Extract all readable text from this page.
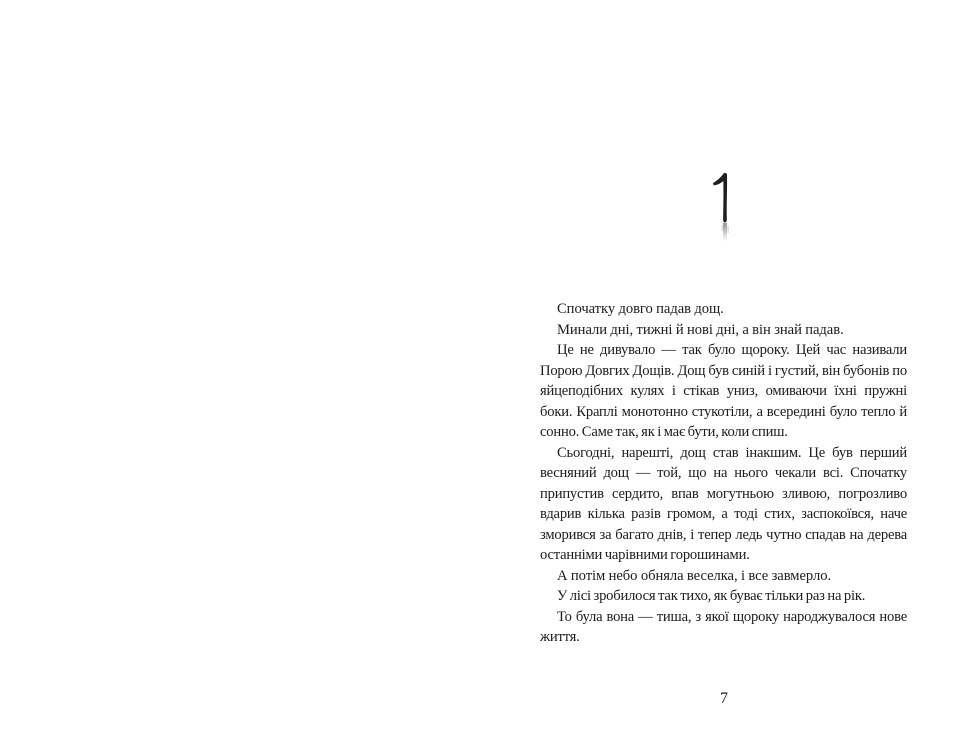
Спочатку довго падав дощ.

Минали дні, тижні й нові дні, а він знай падав.

Це не дивувало — так було щороку. Цей час називали Порою Довгих Дощів. Дощ був синій і густий, він бубонів по яйцеподібних кулях і стікав униз, омиваючи їхні пружні боки. Краплі монотонно стукотіли, а всередині було тепло й сонно. Саме так, як і має бути, коли спиш.

Сьогодні, нарешті, дощ став інакшим. Це був перший весняний дощ — той, що на нього чекали всі. Спочатку припустив сердито, впав могутньою зливою, погрозливо вдарив кілька разів громом, а тоді стих, заспокоївся, наче зморився за багато днів, і тепер ледь чутно спадав на дерева останніми чарівними горошинами.

А потім небо обняла веселка, і все завмерло.

У лісі зробилося так тихо, як буває тільки раз на рік.

То була вона — тиша, з якої щороку народжувалося нове життя.

7
